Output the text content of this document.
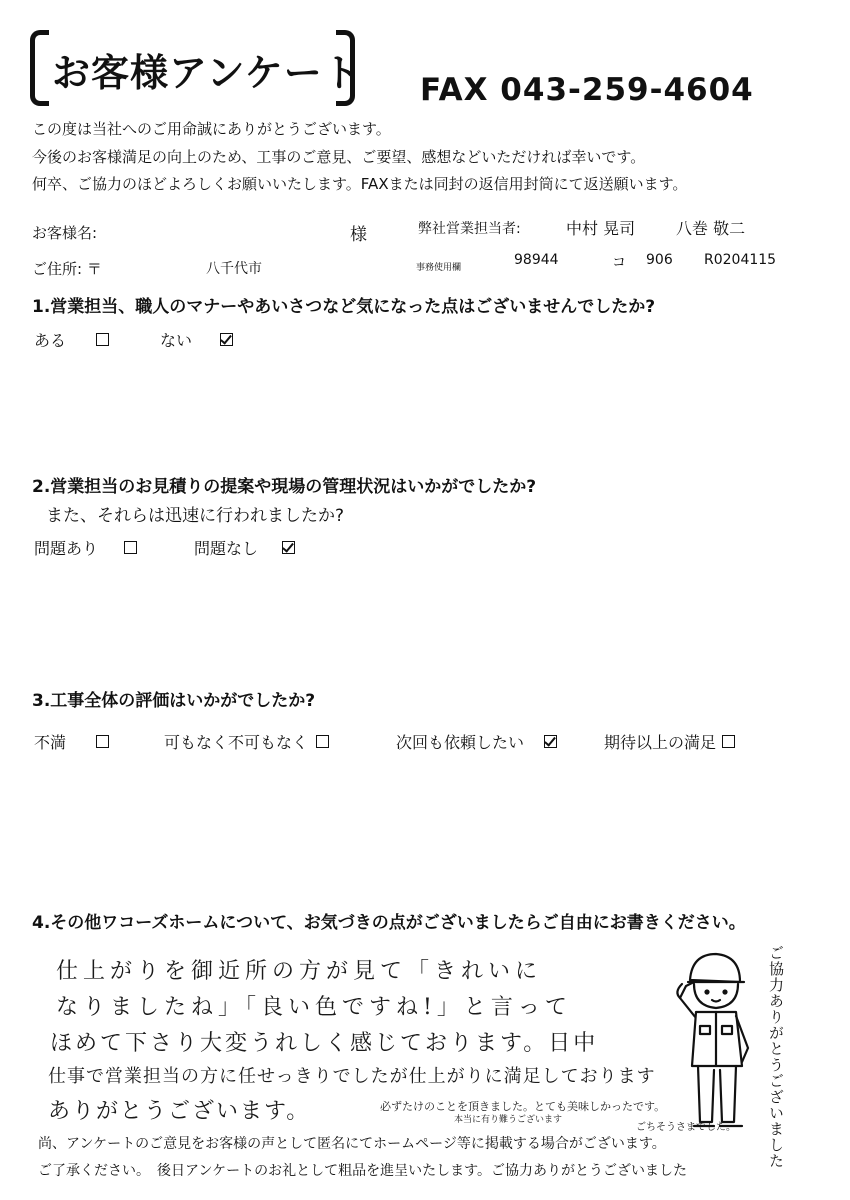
お客様アンケート FAX 043-259-4604
この度は当社へのご用命誠にありがとうございます。
今後のお客様満足の向上のため、工事のご意見、ご要望、感想などいただければ幸いです。
何卒、ご協力のほどよろしくお願いいたします。FAXまたは同封の返信用封筒にて返送願います。
お客様名:	様	弊社営業担当者:	中村 晃司	八巻 敬二
ご住所: 〒	八千代市	事務使用欄	98944	コ 906 R0204115
1.営業担当、職人のマナーやあいさつなど気になった点はございませんでしたか?
ある	ない
2.営業担当のお見積りの提案や現場の管理状況はいかがでしたか?
また、それらは迅速に行われましたか?
問題あり	問題なし
3.工事全体の評価はいかがでしたか?
不満	可もなく不可もなく	次回も依頼したい	期待以上の満足
4.その他ワコーズホームについて、お気づきの点がございましたらご自由にお書きください。
仕上がりを御近所の方が見て「きれいに
なりましたね」「良い色ですね!」と言って
ほめて下さり大変うれしく感じております。日中
仕事で営業担当の方に任せっきりでしたが仕上がりに満足しております
ありがとうございます。	必ずたけのことを頂きました。とても美味しかったです。
本当に有り難うございます
ごちそうさまでした。 ご協力ありがとうございました
尚、アンケートのご意見をお客様の声として匿名にてホームページ等に掲載する場合がございます。
ご了承ください。　後日アンケートのお礼として粗品を進呈いたします。ご協力ありがとうございました
